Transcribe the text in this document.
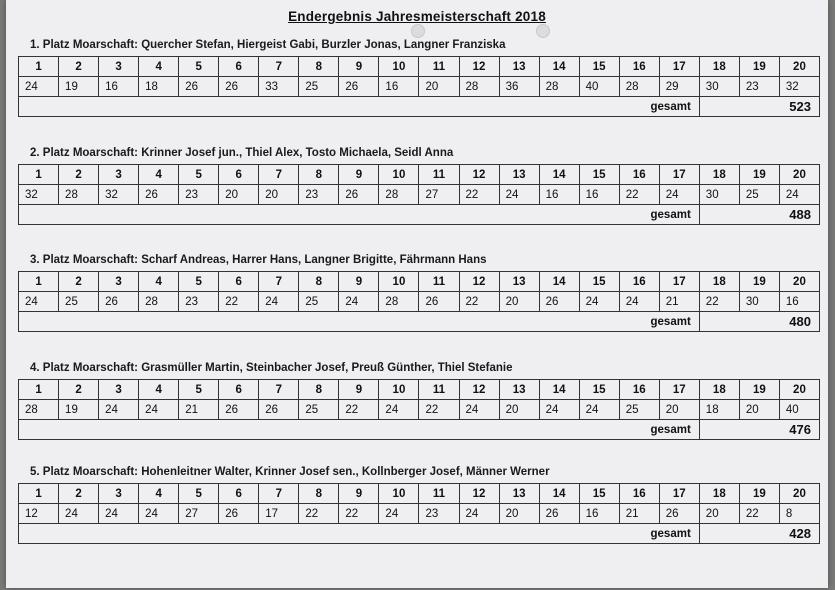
Endergebnis Jahresmeisterschaft 2018
1. Platz Moarschaft: Quercher Stefan, Hiergeist Gabi, Burzler Jonas, Langner Franziska
1	2	3	4	5	6	7	8	9	10	11	12	13	14	15	16	17	18	19	20
24	19	16	18	26	26	33	25	26	16	20	28	36	28	40	28	29	30	23	32
gesamt																	523		
2. Platz Moarschaft: Krinner Josef jun., Thiel Alex, Tosto Michaela, Seidl Anna
1	2	3	4	5	6	7	8	9	10	11	12	13	14	15	16	17	18	19	20
32	28	32	26	23	20	20	23	26	28	27	22	24	16	16	22	24	30	25	24
gesamt																	488		
3. Platz Moarschaft: Scharf Andreas, Harrer Hans, Langner Brigitte, Fährmann Hans
1	2	3	4	5	6	7	8	9	10	11	12	13	14	15	16	17	18	19	20
24	25	26	28	23	22	24	25	24	28	26	22	20	26	24	24	21	22	30	16
gesamt																	480		
4. Platz Moarschaft: Grasmüller Martin, Steinbacher Josef, Preuß Günther, Thiel Stefanie
1	2	3	4	5	6	7	8	9	10	11	12	13	14	15	16	17	18	19	20
28	19	24	24	21	26	26	25	22	24	22	24	20	24	24	25	20	18	20	40
gesamt																	476		
5. Platz Moarschaft: Hohenleitner Walter, Krinner Josef sen., Kollnberger Josef, Männer Werner
1	2	3	4	5	6	7	8	9	10	11	12	13	14	15	16	17	18	19	20
12	24	24	24	27	26	17	22	22	24	23	24	20	26	16	21	26	20	22	8
gesamt																	428		
